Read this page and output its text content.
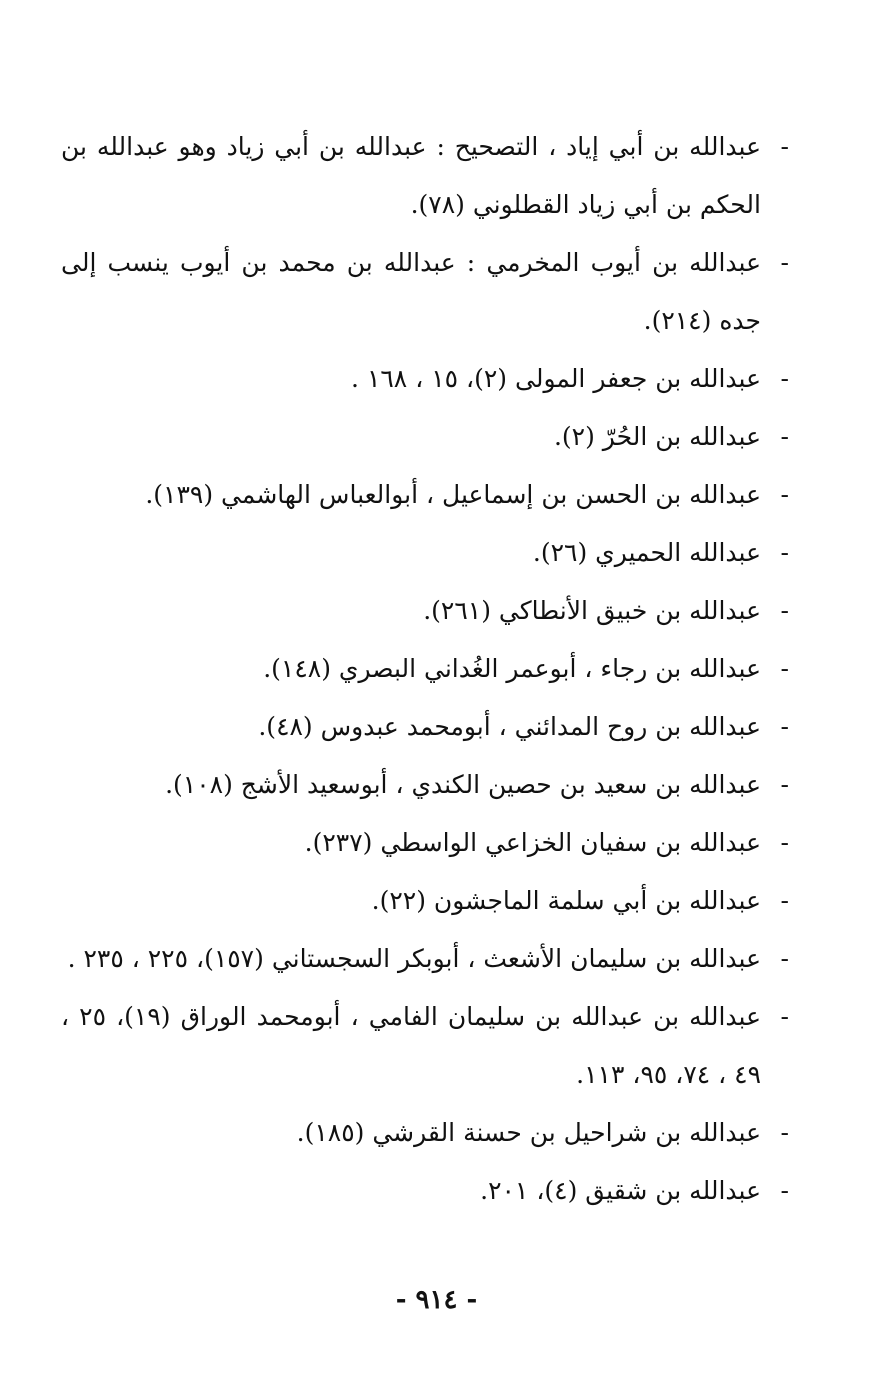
-
عبدالله بن أبي إياد ، التصحيح : عبدالله بن أبي زياد وهو عبدالله بن الحكم بن أبي زياد القطلوني (٧٨).
-
عبدالله بن أيوب المخرمي : عبدالله بن محمد بن أيوب ينسب إلى جده (٢١٤).
-
عبدالله بن جعفر المولى (٢)، ١٥ ، ١٦٨ .
-
عبدالله بن الحُرّ (٢).
-
عبدالله بن الحسن بن إسماعيل ، أبوالعباس الهاشمي (١٣٩).
-
عبدالله الحميري (٢٦).
-
عبدالله بن خبيق الأنطاكي (٢٦١).
-
عبدالله بن رجاء ، أبوعمر الغُداني البصري (١٤٨).
-
عبدالله بن روح المدائني ، أبومحمد عبدوس (٤٨).
-
عبدالله بن سعيد بن حصين الكندي ، أبوسعيد الأشج (١٠٨).
-
عبدالله بن سفيان الخزاعي الواسطي (٢٣٧).
-
عبدالله بن أبي سلمة الماجشون (٢٢).
-
عبدالله بن سليمان الأشعث ، أبوبكر السجستاني (١٥٧)، ٢٢٥ ، ٢٣٥ .
-
عبدالله بن عبدالله بن سليمان الفامي ، أبومحمد الوراق (١٩)، ٢٥ ، ٤٩ ، ٧٤، ٩٥، ١١٣.
-
عبدالله بن شراحيل بن حسنة القرشي (١٨٥).
-
عبدالله بن شقيق (٤)، ٢٠١.
- ٩١٤ -
